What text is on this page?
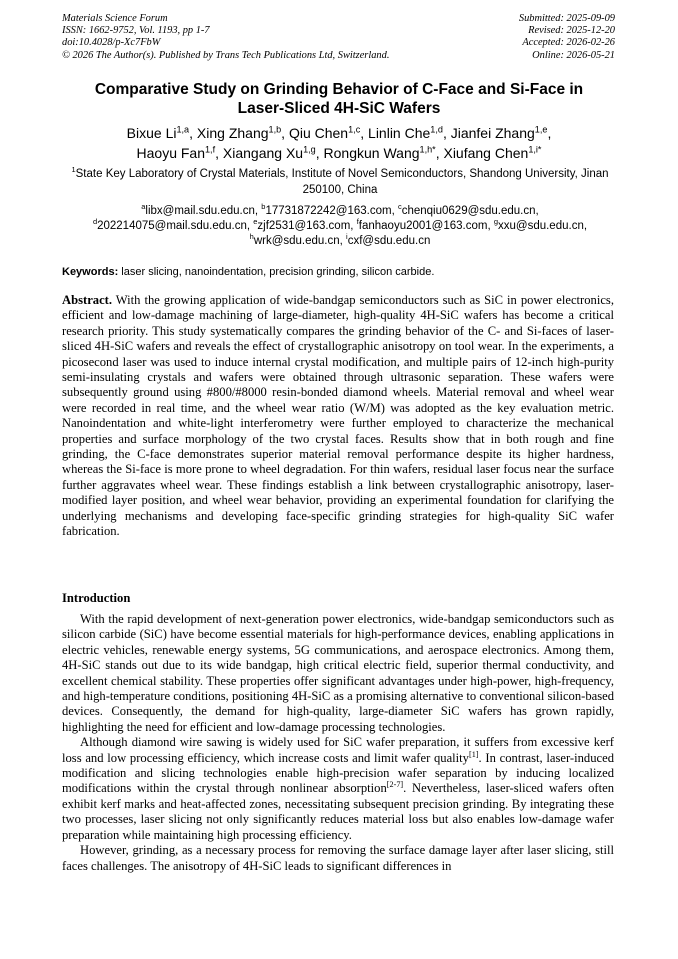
Materials Science Forum
ISSN: 1662-9752, Vol. 1193, pp 1-7
doi:10.4028/p-Xc7FbW
© 2026 The Author(s). Published by Trans Tech Publications Ltd, Switzerland.
Submitted: 2025-09-09
Revised: 2025-12-20
Accepted: 2026-02-26
Online: 2026-05-21
Comparative Study on Grinding Behavior of C-Face and Si-Face in
Laser-Sliced 4H-SiC Wafers
Bixue Li$^{1,a}$, Xing Zhang$^{1,b}$, Qiu Chen$^{1,c}$, Linlin Che$^{1,d}$, Jianfei Zhang$^{1,e}$,
Haoyu Fan$^{1,f}$, Xiangang Xu$^{1,g}$, Rongkun Wang$^{1,h*}$, Xiufang Chen$^{1,i*}$
$^1$State Key Laboratory of Crystal Materials, Institute of Novel Semiconductors, Shandong University, Jinan 250100, China
$^a$libx@mail.sdu.edu.cn, $^b$17731872242@163.com, $^c$chenqiu0629@sdu.edu.cn,
$^d$202214075@mail.sdu.edu.cn, $^e$zjf2531@163.com, $^f$fanhaoyu2001@163.com, $^g$xxu@sdu.edu.cn,
$^h$wrk@sdu.edu.cn, $^i$cxf@sdu.edu.cn
Keywords: laser slicing, nanoindentation, precision grinding, silicon carbide.
Abstract. With the growing application of wide-bandgap semiconductors such as SiC in power electronics, efficient and low-damage machining of large-diameter, high-quality 4H-SiC wafers has become a critical research priority. This study systematically compares the grinding behavior of the C- and Si-faces of laser-sliced 4H-SiC wafers and reveals the effect of crystallographic anisotropy on tool wear. In the experiments, a picosecond laser was used to induce internal crystal modification, and multiple pairs of 12-inch high-purity semi-insulating crystals and wafers were obtained through ultrasonic separation. These wafers were subsequently ground using #800/#8000 resin-bonded diamond wheels. Material removal and wheel wear were recorded in real time, and the wheel wear ratio (W/M) was adopted as the key evaluation metric. Nanoindentation and white-light interferometry were further employed to characterize the mechanical properties and surface morphology of the two crystal faces. Results show that in both rough and fine grinding, the C-face demonstrates superior material removal performance despite its higher hardness, whereas the Si-face is more prone to wheel degradation. For thin wafers, residual laser focus near the surface further aggravates wheel wear. These findings establish a link between crystallographic anisotropy, laser-modified layer position, and wheel wear behavior, providing an experimental foundation for clarifying the underlying mechanisms and developing face-specific grinding strategies for high-quality SiC wafer fabrication.
Introduction

With the rapid development of next-generation power electronics, wide-bandgap semiconductors such as silicon carbide (SiC) have become essential materials for high-performance devices, enabling applications in electric vehicles, renewable energy systems, 5G communications, and aerospace electronics. Among them, 4H-SiC stands out due to its wide bandgap, high critical electric field, superior thermal conductivity, and excellent chemical stability. These properties offer significant advantages under high-power, high-frequency, and high-temperature conditions, positioning 4H-SiC as a promising alternative to conventional silicon-based devices. Consequently, the demand for high-quality, large-diameter SiC wafers has grown rapidly, highlighting the need for efficient and low-damage processing technologies.

Although diamond wire sawing is widely used for SiC wafer preparation, it suffers from excessive kerf loss and low processing efficiency, which increase costs and limit wafer quality[1]. In contrast, laser-induced modification and slicing technologies enable high-precision wafer separation by inducing localized modifications within the crystal through nonlinear absorption[2-7]. Nevertheless, laser-sliced wafers often exhibit kerf marks and heat-affected zones, necessitating subsequent precision grinding. By integrating these two processes, laser slicing not only significantly reduces material loss but also enables low-damage wafer preparation while maintaining high processing efficiency.

However, grinding, as a necessary process for removing the surface damage layer after laser slicing, still faces challenges. The anisotropy of 4H-SiC leads to significant differences in
